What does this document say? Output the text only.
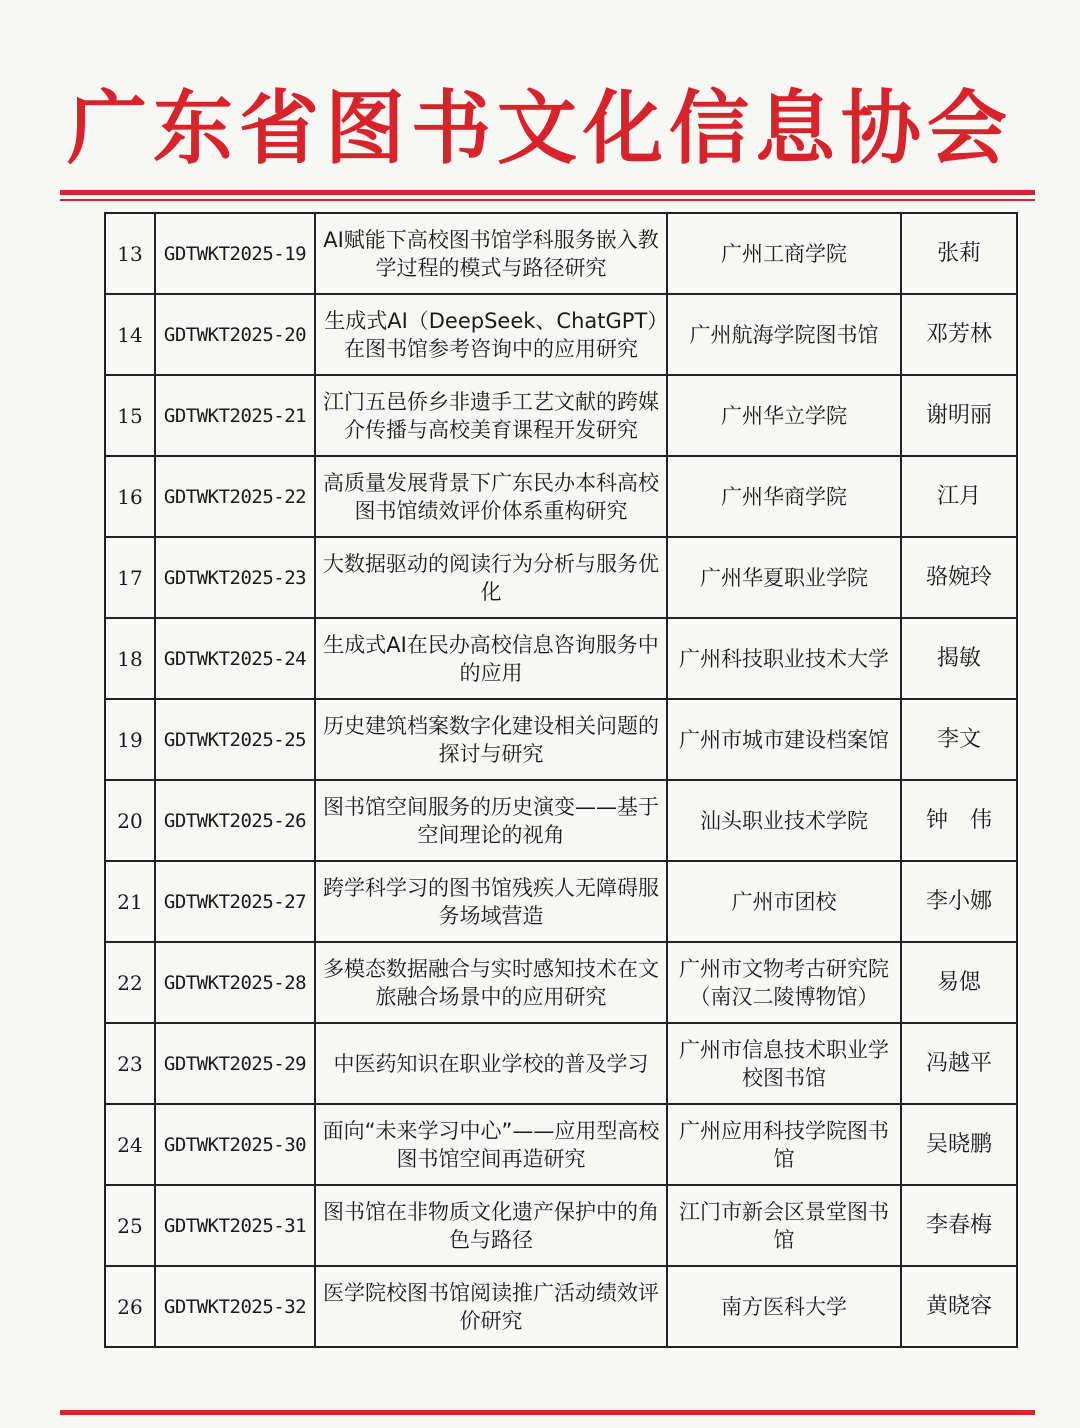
广东省图书文化信息协会
13	GDTWKT2025-19	AI赋能下高校图书馆学科服务嵌入教学过程的模式与路径研究	广州工商学院	张莉
14	GDTWKT2025-20	生成式AI（DeepSeek、ChatGPT）在图书馆参考咨询中的应用研究	广州航海学院图书馆	邓芳林
15	GDTWKT2025-21	江门五邑侨乡非遗手工艺文献的跨媒介传播与高校美育课程开发研究	广州华立学院	谢明丽
16	GDTWKT2025-22	高质量发展背景下广东民办本科高校图书馆绩效评价体系重构研究	广州华商学院	江月
17	GDTWKT2025-23	大数据驱动的阅读行为分析与服务优化	广州华夏职业学院	骆婉玲
18	GDTWKT2025-24	生成式AI在民办高校信息咨询服务中的应用	广州科技职业技术大学	揭敏
19	GDTWKT2025-25	历史建筑档案数字化建设相关问题的探讨与研究	广州市城市建设档案馆	李文
20	GDTWKT2025-26	图书馆空间服务的历史演变——基于空间理论的视角	汕头职业技术学院	钟　伟
21	GDTWKT2025-27	跨学科学习的图书馆残疾人无障碍服务场域营造	广州市团校	李小娜
22	GDTWKT2025-28	多模态数据融合与实时感知技术在文旅融合场景中的应用研究	广州市文物考古研究院（南汉二陵博物馆）	易偲
23	GDTWKT2025-29	中医药知识在职业学校的普及学习	广州市信息技术职业学校图书馆	冯越平
24	GDTWKT2025-30	面向“未来学习中心”——应用型高校图书馆空间再造研究	广州应用科技学院图书馆	吴晓鹏
25	GDTWKT2025-31	图书馆在非物质文化遗产保护中的角色与路径	江门市新会区景堂图书馆	李春梅
26	GDTWKT2025-32	医学院校图书馆阅读推广活动绩效评价研究	南方医科大学	黄晓容
